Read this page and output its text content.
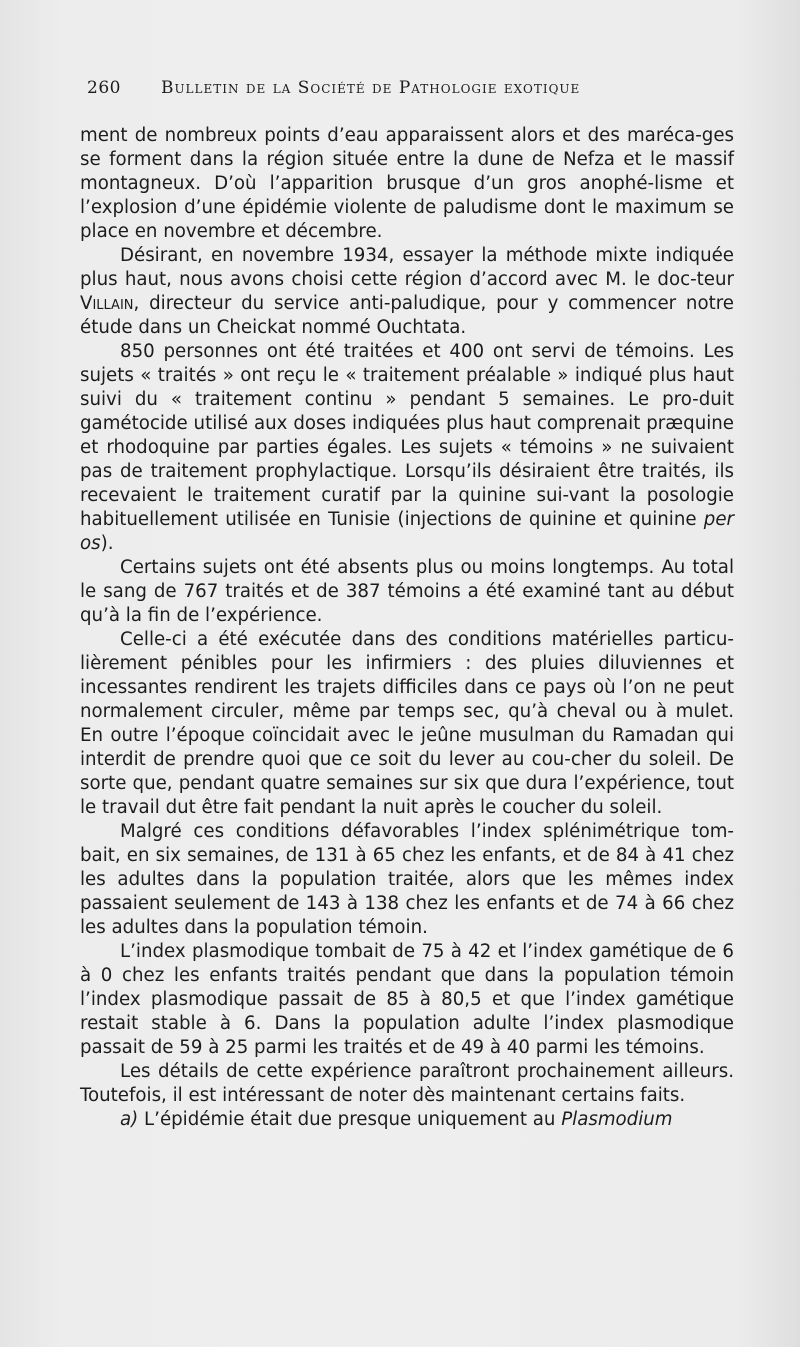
260 Bulletin de la Société de Pathologie exotique

ment de nombreux points d’eau apparaissent alors et des maréca-ges se forment dans la région située entre la dune de Nefza et le massif montagneux. D’où l’apparition brusque d’un gros anophé-lisme et l’explosion d’une épidémie violente de paludisme dont le maximum se place en novembre et décembre.

Désirant, en novembre 1934, essayer la méthode mixte indiquée plus haut, nous avons choisi cette région d’accord avec M. le doc-teur Villain, directeur du service anti-paludique, pour y commencer notre étude dans un Cheickat nommé Ouchtata.

850 personnes ont été traitées et 400 ont servi de témoins. Les sujets « traités » ont reçu le « traitement préalable » indiqué plus haut suivi du « traitement continu » pendant 5 semaines. Le pro-duit gamétocide utilisé aux doses indiquées plus haut comprenait præquine et rhodoquine par parties égales. Les sujets « témoins » ne suivaient pas de traitement prophylactique. Lorsqu’ils désiraient être traités, ils recevaient le traitement curatif par la quinine sui-vant la posologie habituellement utilisée en Tunisie (injections de quinine et quinine per os).

Certains sujets ont été absents plus ou moins longtemps. Au total le sang de 767 traités et de 387 témoins a été examiné tant au début qu’à la fin de l’expérience.

Celle-ci a été exécutée dans des conditions matérielles particu-lièrement pénibles pour les infirmiers : des pluies diluviennes et incessantes rendirent les trajets difficiles dans ce pays où l’on ne peut normalement circuler, même par temps sec, qu’à cheval ou à mulet. En outre l’époque coïncidait avec le jeûne musulman du Ramadan qui interdit de prendre quoi que ce soit du lever au cou-cher du soleil. De sorte que, pendant quatre semaines sur six que dura l’expérience, tout le travail dut être fait pendant la nuit après le coucher du soleil.

Malgré ces conditions défavorables l’index splénimétrique tom-bait, en six semaines, de 131 à 65 chez les enfants, et de 84 à 41 chez les adultes dans la population traitée, alors que les mêmes index passaient seulement de 143 à 138 chez les enfants et de 74 à 66 chez les adultes dans la population témoin.

L’index plasmodique tombait de 75 à 42 et l’index gamétique de 6 à 0 chez les enfants traités pendant que dans la population témoin l’index plasmodique passait de 85 à 80,5 et que l’index gamétique restait stable à 6. Dans la population adulte l’index plasmodique passait de 59 à 25 parmi les traités et de 49 à 40 parmi les témoins.

Les détails de cette expérience paraîtront prochainement ailleurs. Toutefois, il est intéressant de noter dès maintenant certains faits.

a) L’épidémie était due presque uniquement au Plasmodium
